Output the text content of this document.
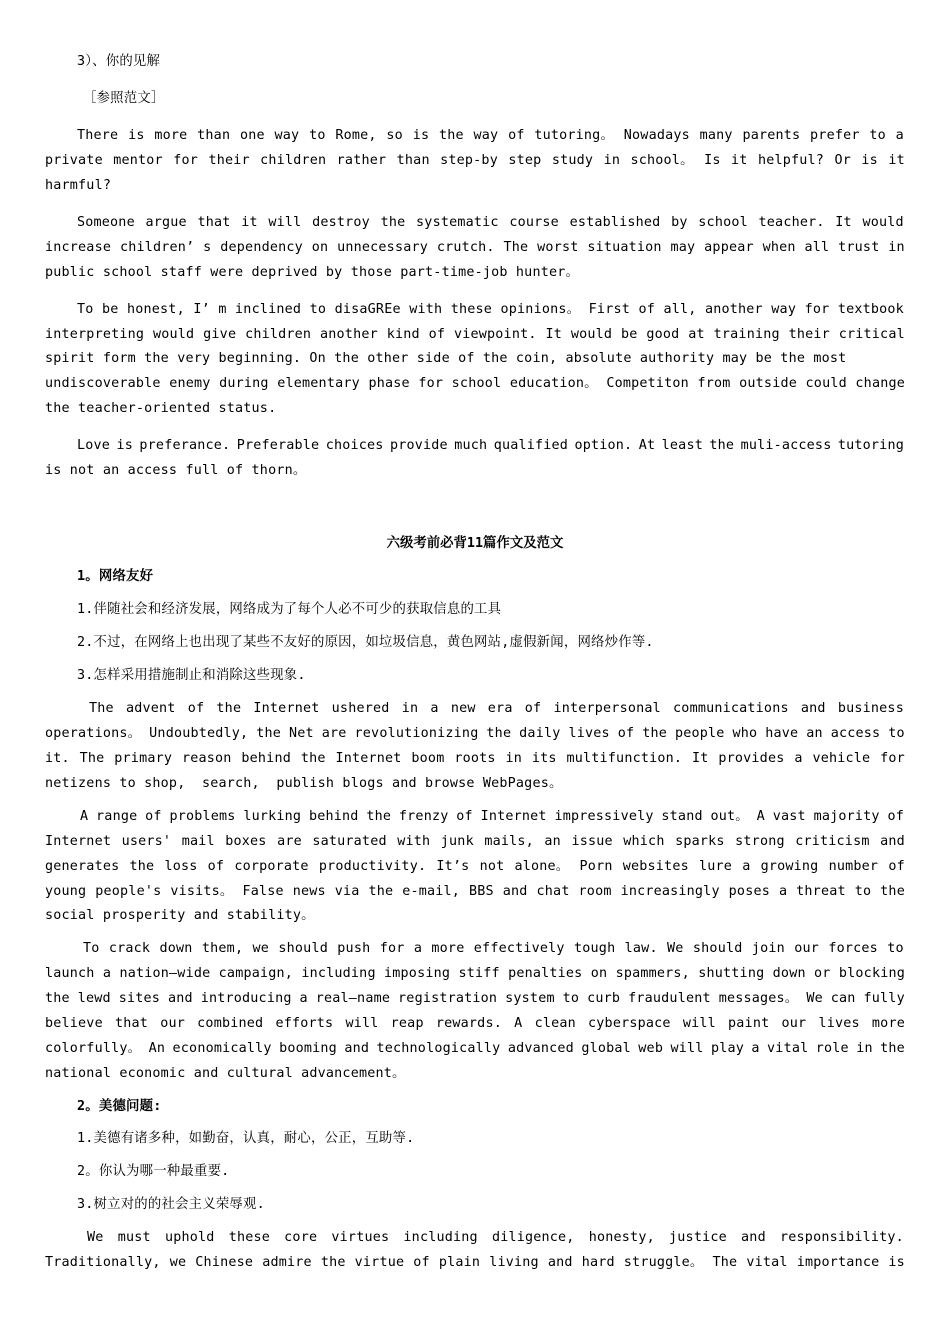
3）、你的见解
［参照范文］
There is more than one way to Rome, so is the way of tutoring。 Nowadays many parents prefer to a
private mentor for their children rather than step-by step study in school。 Is it helpful? Or is it
harmful?
Someone argue that it will destroy the systematic course established by school teacher. It would
increase children’ s dependency on unnecessary crutch. The worst situation may appear when all trust in
public school staff were deprived by those part-time-job hunter。
To be honest, I’ m inclined to disaGREe with these opinions。 First of all, another way for textbook
interpreting would give children another kind of viewpoint. It would be good at training their critical
spirit form the very beginning. On the other side of the coin, absolute authority may be the most
undiscoverable enemy during elementary phase for school education。 Competiton from outside could change
the teacher-oriented status.
Love is preferance. Preferable choices provide much qualified option. At least the muli-access tutoring
is not an access full of thorn。
六级考前必背11篇作文及范文
1。网络友好
1.伴随社会和经济发展，网络成为了每个人必不可少的获取信息的工具
2.不过，在网络上也出现了某些不友好的原因，如垃圾信息，黄色网站,虚假新闻，网络炒作等.
3.怎样采用措施制止和消除这些现象.
The advent of the Internet ushered in a new era of interpersonal communications and business
operations。 Undoubtedly, the Net are revolutionizing the daily lives of the people who have an access to
it. The primary reason behind the Internet boom roots in its multifunction. It provides a vehicle for
netizens to shop,  search,  publish blogs and browse WebPages。
A range of problems lurking behind the frenzy of Internet impressively stand out。 A vast majority of
Internet users' mail boxes are saturated with junk mails, an issue which sparks strong criticism and
generates the loss of corporate productivity. It’s not alone。 Porn websites lure a growing number of
young people's visits。 False news via the e-mail, BBS and chat room increasingly poses a threat to the
social prosperity and stability。
To crack down them, we should push for a more effectively tough law. We should join our forces to
launch a nation—wide campaign, including imposing stiff penalties on spammers, shutting down or blocking
the lewd sites and introducing a real—name registration system to curb fraudulent messages。 We can fully
believe that our combined efforts will reap rewards. A clean cyberspace will paint our lives more
colorfully。 An economically booming and technologically advanced global web will play a vital role in the
national economic and cultural advancement。
2。美德问题:
1.美德有诸多种，如勤奋，认真，耐心，公正，互助等.
2。你认为哪一种最重要.
3.树立对的的社会主义荣辱观.
We must uphold these core virtues including diligence, honesty, justice and responsibility.
Traditionally, we Chinese admire the virtue of plain living and hard struggle。 The vital importance is
